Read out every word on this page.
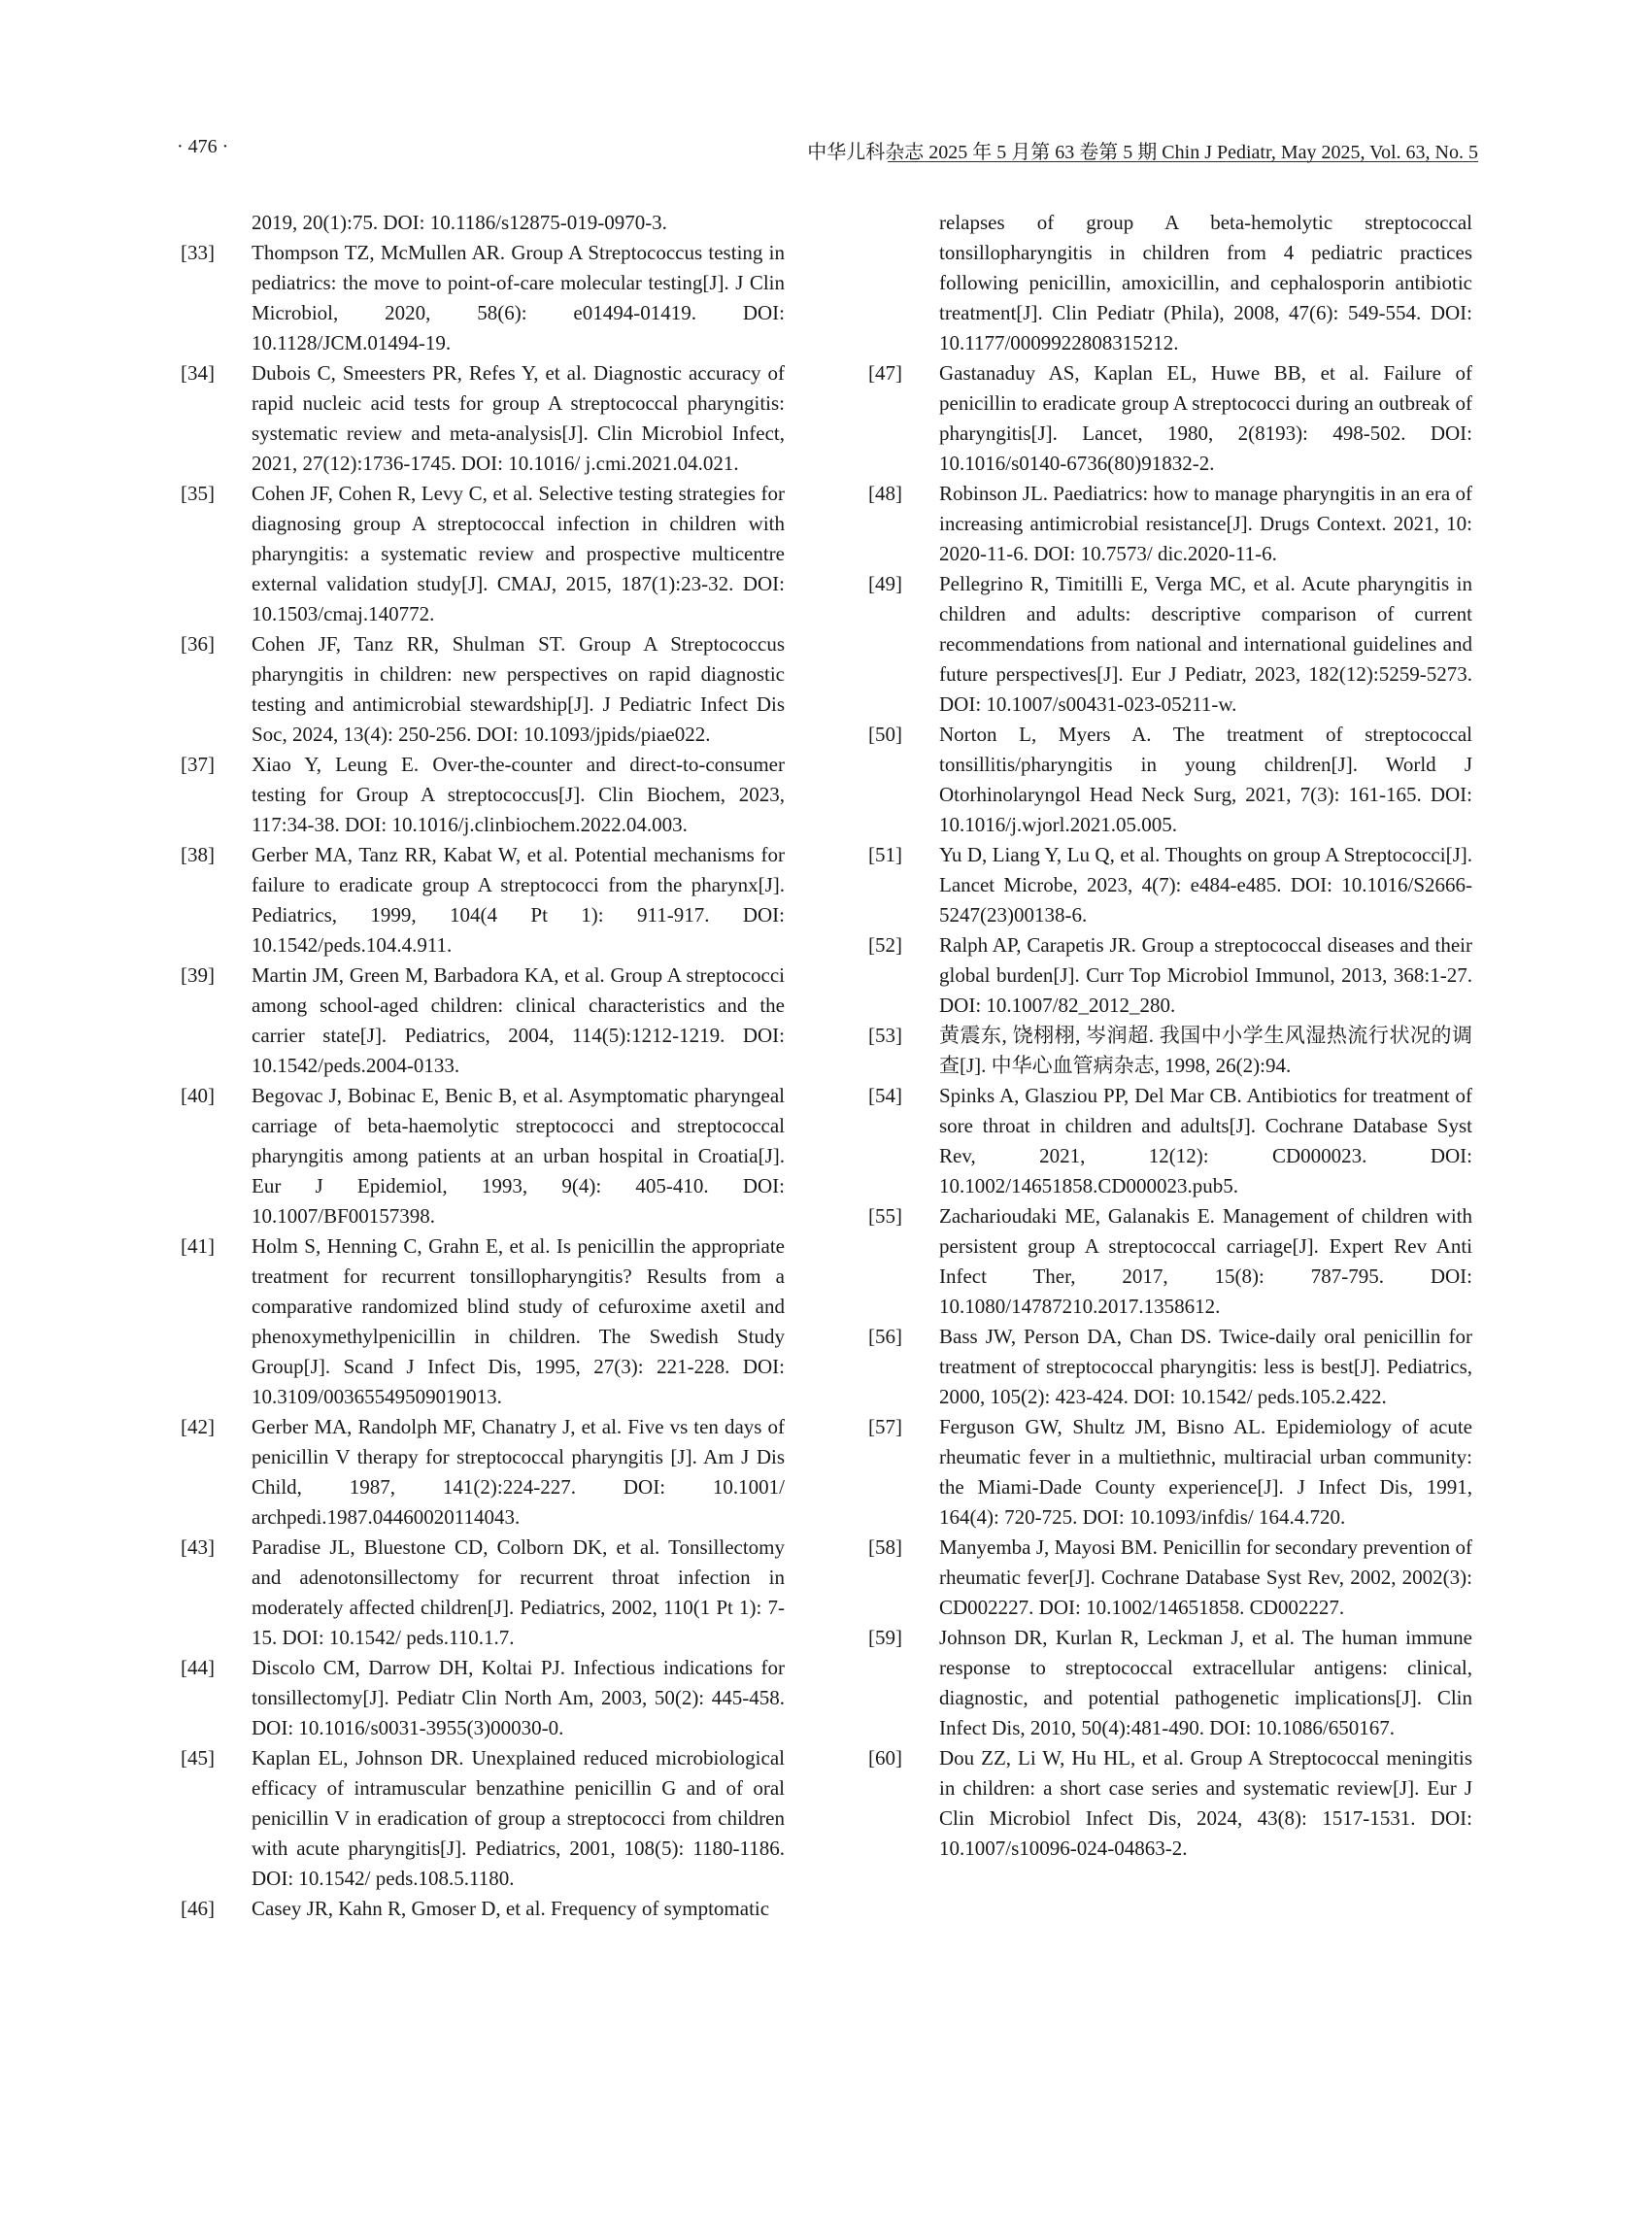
· 476 ·	中华儿科杂志 2025 年 5 月第 63 卷第 5 期 Chin J Pediatr, May 2025, Vol. 63, No. 5
2019, 20(1):75. DOI: 10.1186/s12875-019-0970-3.
[33]	Thompson TZ, McMullen AR. Group A Streptococcus testing in pediatrics: the move to point-of-care molecular testing[J]. J Clin Microbiol, 2020, 58(6): e01494-01419. DOI: 10.1128/JCM.01494-19.
[34]	Dubois C, Smeesters PR, Refes Y, et al. Diagnostic accuracy of rapid nucleic acid tests for group A streptococcal pharyngitis: systematic review and meta-analysis[J]. Clin Microbiol Infect, 2021, 27(12):1736-1745. DOI: 10.1016/ j.cmi.2021.04.021.
[35]	Cohen JF, Cohen R, Levy C, et al. Selective testing strategies for diagnosing group A streptococcal infection in children with pharyngitis: a systematic review and prospective multicentre external validation study[J]. CMAJ, 2015, 187(1):23-32. DOI: 10.1503/cmaj.140772.
[36]	Cohen JF, Tanz RR, Shulman ST. Group A Streptococcus pharyngitis in children: new perspectives on rapid diagnostic testing and antimicrobial stewardship[J]. J Pediatric Infect Dis Soc, 2024, 13(4): 250-256. DOI: 10.1093/jpids/piae022.
[37]	Xiao Y, Leung E. Over-the-counter and direct-to-consumer testing for Group A streptococcus[J]. Clin Biochem, 2023, 117:34-38. DOI: 10.1016/j.clinbiochem.2022.04.003.
[38]	Gerber MA, Tanz RR, Kabat W, et al. Potential mechanisms for failure to eradicate group A streptococci from the pharynx[J]. Pediatrics, 1999, 104(4 Pt 1): 911-917. DOI: 10.1542/peds.104.4.911.
[39]	Martin JM, Green M, Barbadora KA, et al. Group A streptococci among school-aged children: clinical characteristics and the carrier state[J]. Pediatrics, 2004, 114(5):1212-1219. DOI: 10.1542/peds.2004-0133.
[40]	Begovac J, Bobinac E, Benic B, et al. Asymptomatic pharyngeal carriage of beta-haemolytic streptococci and streptococcal pharyngitis among patients at an urban hospital in Croatia[J]. Eur J Epidemiol, 1993, 9(4): 405-410. DOI: 10.1007/BF00157398.
[41]	Holm S, Henning C, Grahn E, et al. Is penicillin the appropriate treatment for recurrent tonsillopharyngitis? Results from a comparative randomized blind study of cefuroxime axetil and phenoxymethylpenicillin in children. The Swedish Study Group[J]. Scand J Infect Dis, 1995, 27(3): 221-228. DOI: 10.3109/00365549509019013.
[42]	Gerber MA, Randolph MF, Chanatry J, et al. Five vs ten days of penicillin V therapy for streptococcal pharyngitis [J]. Am J Dis Child, 1987, 141(2):224-227. DOI: 10.1001/ archpedi.1987.04460020114043.
[43]	Paradise JL, Bluestone CD, Colborn DK, et al. Tonsillectomy and adenotonsillectomy for recurrent throat infection in moderately affected children[J]. Pediatrics, 2002, 110(1 Pt 1): 7-15. DOI: 10.1542/ peds.110.1.7.
[44]	Discolo CM, Darrow DH, Koltai PJ. Infectious indications for tonsillectomy[J]. Pediatr Clin North Am, 2003, 50(2): 445-458. DOI: 10.1016/s0031-3955(3)00030-0.
[45]	Kaplan EL, Johnson DR. Unexplained reduced microbiological efficacy of intramuscular benzathine penicillin G and of oral penicillin V in eradication of group a streptococci from children with acute pharyngitis[J]. Pediatrics, 2001, 108(5): 1180-1186. DOI: 10.1542/ peds.108.5.1180.
[46]	Casey JR, Kahn R, Gmoser D, et al. Frequency of symptomatic
relapses of group A beta-hemolytic streptococcal tonsillopharyngitis in children from 4 pediatric practices following penicillin, amoxicillin, and cephalosporin antibiotic treatment[J]. Clin Pediatr (Phila), 2008, 47(6): 549-554. DOI: 10.1177/0009922808315212.
[47]	Gastanaduy AS, Kaplan EL, Huwe BB, et al. Failure of penicillin to eradicate group A streptococci during an outbreak of pharyngitis[J]. Lancet, 1980, 2(8193): 498-502. DOI: 10.1016/s0140-6736(80)91832-2.
[48]	Robinson JL. Paediatrics: how to manage pharyngitis in an era of increasing antimicrobial resistance[J]. Drugs Context. 2021, 10: 2020-11-6. DOI: 10.7573/ dic.2020-11-6.
[49]	Pellegrino R, Timitilli E, Verga MC, et al. Acute pharyngitis in children and adults: descriptive comparison of current recommendations from national and international guidelines and future perspectives[J]. Eur J Pediatr, 2023, 182(12):5259-5273. DOI: 10.1007/s00431-023-05211-w.
[50]	Norton L, Myers A. The treatment of streptococcal tonsillitis/pharyngitis in young children[J]. World J Otorhinolaryngol Head Neck Surg, 2021, 7(3): 161-165. DOI: 10.1016/j.wjorl.2021.05.005.
[51]	Yu D, Liang Y, Lu Q, et al. Thoughts on group A Streptococci[J]. Lancet Microbe, 2023, 4(7): e484-e485. DOI: 10.1016/S2666-5247(23)00138-6.
[52]	Ralph AP, Carapetis JR. Group a streptococcal diseases and their global burden[J]. Curr Top Microbiol Immunol, 2013, 368:1-27. DOI: 10.1007/82_2012_280.
[53]	黄震东, 饶栩栩, 岑润超. 我国中小学生风湿热流行状况的调查[J]. 中华心血管病杂志, 1998, 26(2):94.
[54]	Spinks A, Glasziou PP, Del Mar CB. Antibiotics for treatment of sore throat in children and adults[J]. Cochrane Database Syst Rev, 2021, 12(12): CD000023. DOI: 10.1002/14651858.CD000023.pub5.
[55]	Zacharioudaki ME, Galanakis E. Management of children with persistent group A streptococcal carriage[J]. Expert Rev Anti Infect Ther, 2017, 15(8): 787-795. DOI: 10.1080/14787210.2017.1358612.
[56]	Bass JW, Person DA, Chan DS. Twice-daily oral penicillin for treatment of streptococcal pharyngitis: less is best[J]. Pediatrics, 2000, 105(2): 423-424. DOI: 10.1542/ peds.105.2.422.
[57]	Ferguson GW, Shultz JM, Bisno AL. Epidemiology of acute rheumatic fever in a multiethnic, multiracial urban community: the Miami-Dade County experience[J]. J Infect Dis, 1991, 164(4): 720-725. DOI: 10.1093/infdis/ 164.4.720.
[58]	Manyemba J, Mayosi BM. Penicillin for secondary prevention of rheumatic fever[J]. Cochrane Database Syst Rev, 2002, 2002(3): CD002227. DOI: 10.1002/14651858. CD002227.
[59]	Johnson DR, Kurlan R, Leckman J, et al. The human immune response to streptococcal extracellular antigens: clinical, diagnostic, and potential pathogenetic implications[J]. Clin Infect Dis, 2010, 50(4):481-490. DOI: 10.1086/650167.
[60]	Dou ZZ, Li W, Hu HL, et al. Group A Streptococcal meningitis in children: a short case series and systematic review[J]. Eur J Clin Microbiol Infect Dis, 2024, 43(8): 1517-1531. DOI: 10.1007/s10096-024-04863-2.
